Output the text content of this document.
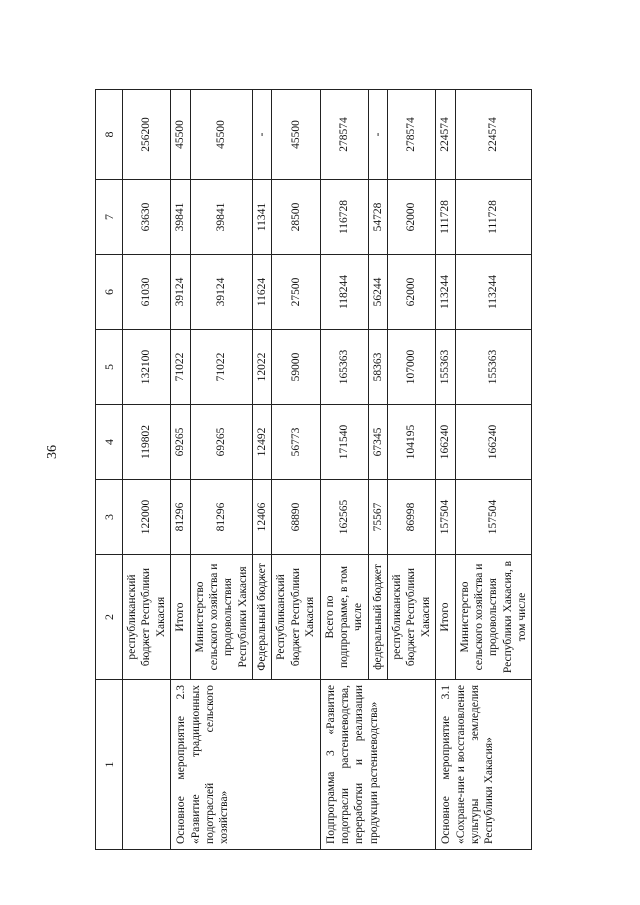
36
1	2	3	4	5	6	7	8
	республиканский бюджет Республики Хакасия	122000	119802	132100	61030	63630	256200
Основное мероприятие 2.3 «Развитие традиционных подотраслей сельского хозяйства»	Итого	81296	69265	71022	39124	39841	45500
	Министерство сельского хозяйства и продовольствия Республики Хакасия	81296	69265	71022	39124	39841	45500
	Федеральный бюджет	12406	12492	12022	11624	11341	-
	Республиканский бюджет Республики Хакасия	68890	56773	59000	27500	28500	45500
Подпрограмма 3 «Развитие подотрасли растениеводства, переработки и реализации продукции растениеводства»	Всего по подпрограмме, в том числе	162565	171540	165363	118244	116728	278574
	федеральный бюджет	75567	67345	58363	56244	54728	-
	республиканский бюджет Республики Хакасия	86998	104195	107000	62000	62000	278574
Основное мероприятие 3.1 «Сохране-ние и восстановление культуры земледелия Республики Хакасия»	Итого	157504	166240	155363	113244	111728	224574
	Министерство сельского хозяйства и продовольствия Республики Хакасия, в том числе	157504	166240	155363	113244	111728	224574
